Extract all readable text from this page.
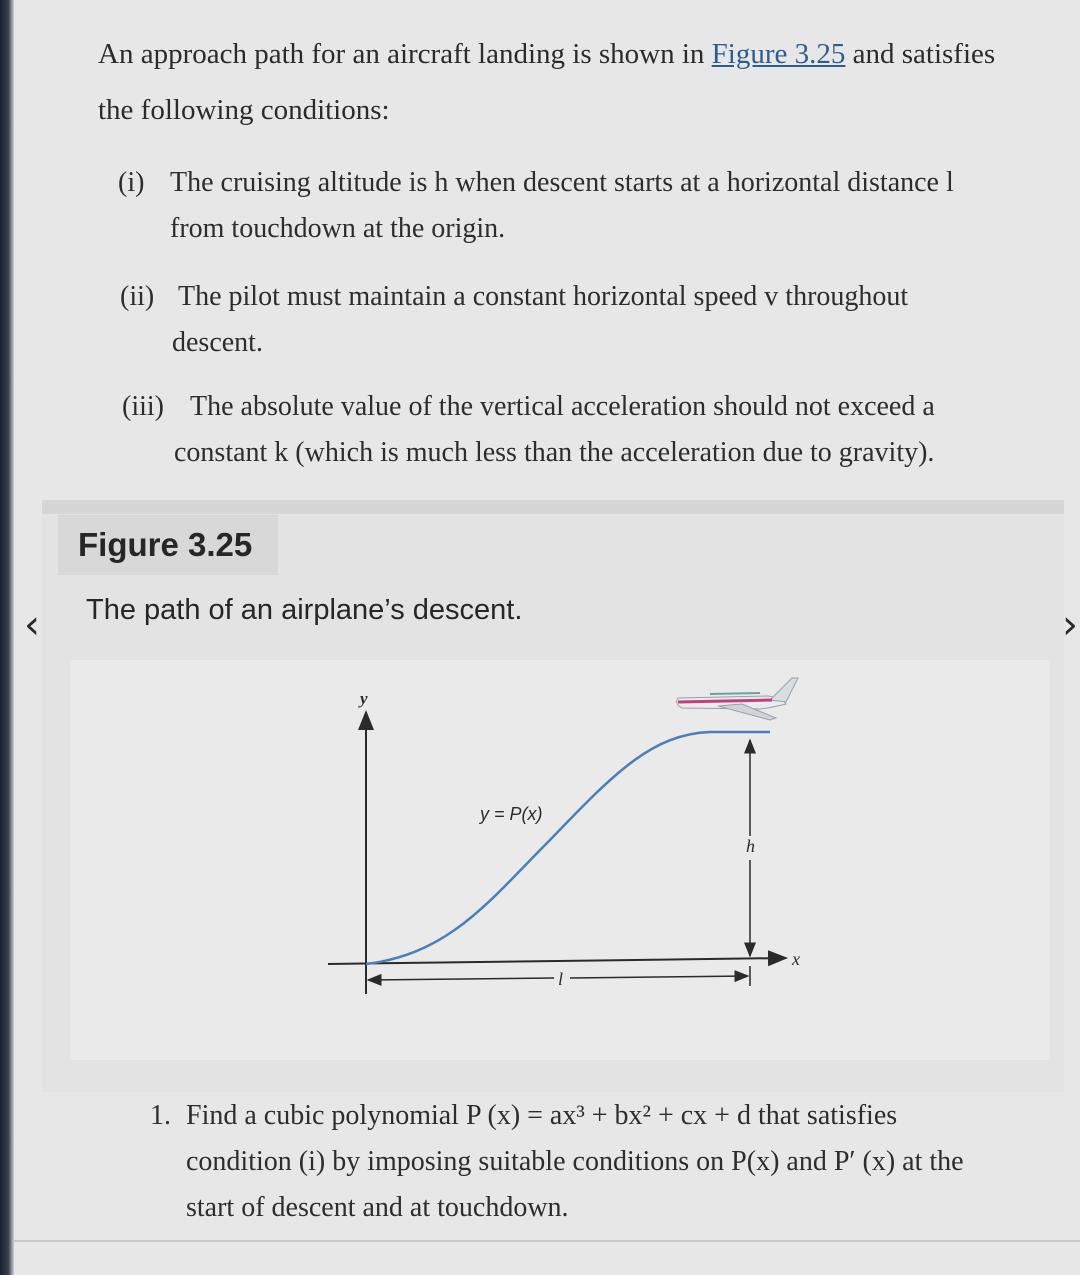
An approach path for an aircraft landing is shown in Figure 3.25 and satisfies the following conditions:
(i) The cruising altitude is h when descent starts at a horizontal distance l
from touchdown at the origin.
(ii) The pilot must maintain a constant horizontal speed v throughout
descent.
(iii) The absolute value of the vertical acceleration should not exceed a
constant k (which is much less than the acceleration due to gravity).
Figure 3.25
The path of an airplane’s descent.
‹	›
y
x
y = P(x)
h
l
1. Find a cubic polynomial P (x) = ax³ + bx² + cx + d that satisfies
condition (i) by imposing suitable conditions on P(x) and P′ (x) at the
start of descent and at touchdown.
